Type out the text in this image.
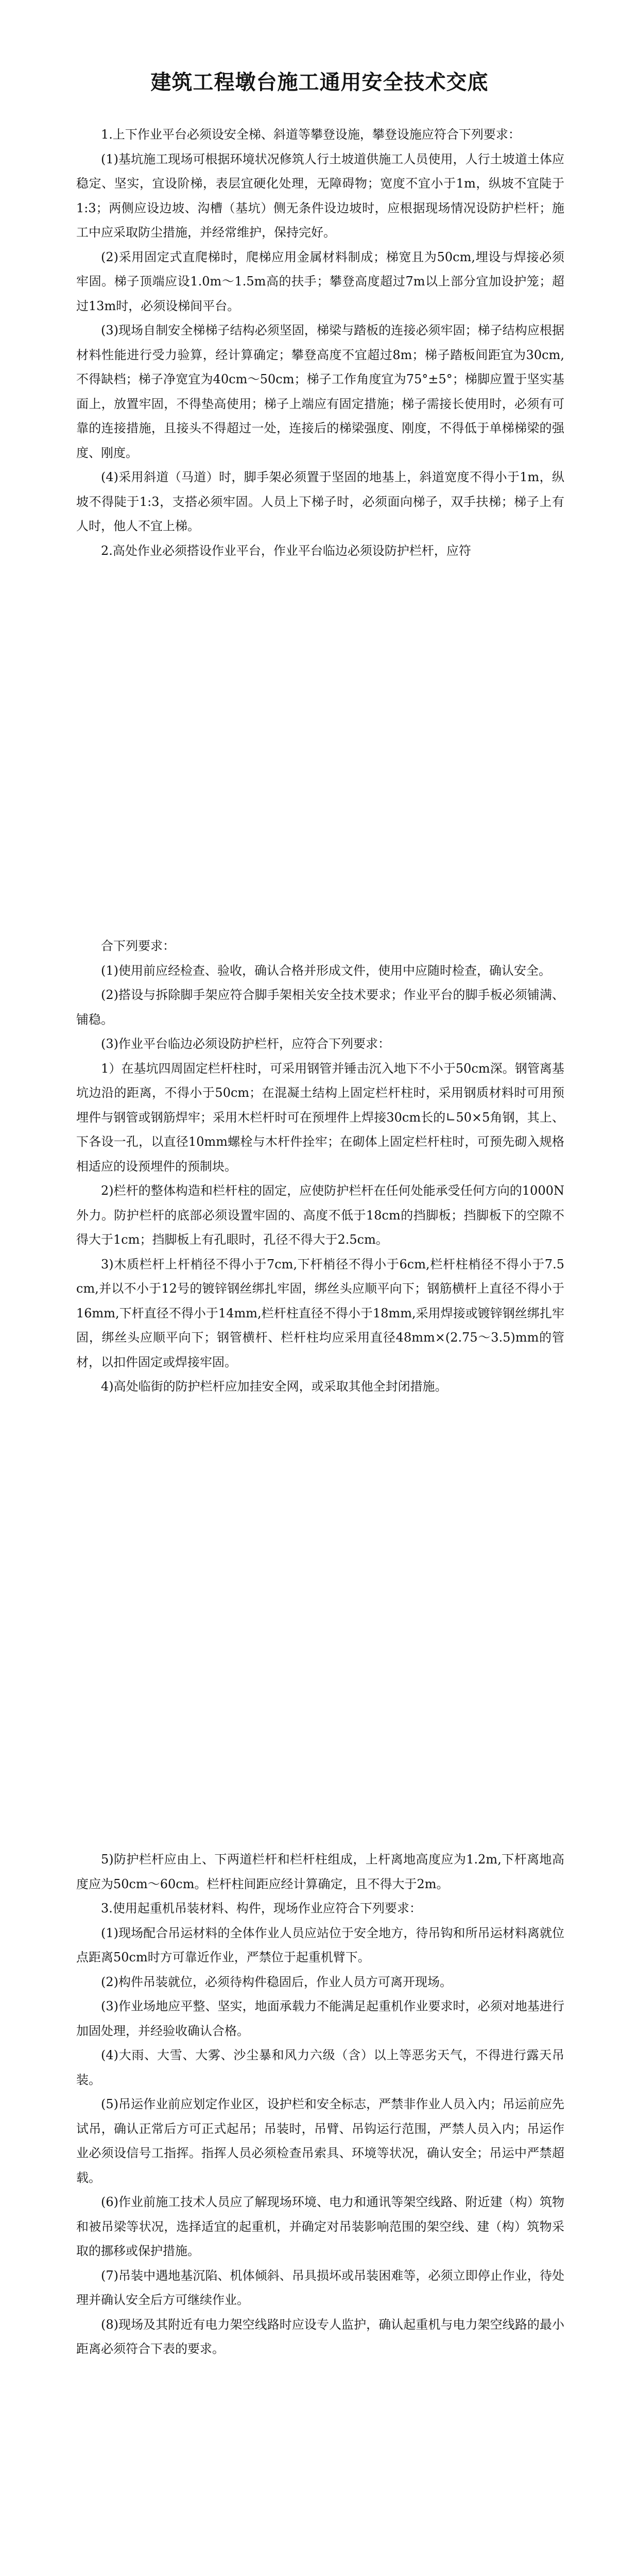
建筑工程墩台施工通用安全技术交底

1.上下作业平台必须设安全梯、斜道等攀登设施，攀登设施应符合下列要求：

(1)基坑施工现场可根据环境状况修筑人行土坡道供施工人员使用，人行土坡道土体应稳定、坚实，宜设阶梯，表层宜硬化处理，无障碍物；宽度不宜小于1m，纵坡不宜陡于1:3；两侧应设边坡、沟槽（基坑）侧无条件设边坡时，应根据现场情况设防护栏杆；施工中应采取防尘措施，并经常维护，保持完好。

(2)采用固定式直爬梯时，爬梯应用金属材料制成；梯宽且为50cm,埋设与焊接必须牢固。梯子顶端应设1.0m～1.5m高的扶手；攀登高度超过7m以上部分宜加设护笼；超过13m时，必须设梯间平台。

(3)现场自制安全梯梯子结构必须坚固，梯梁与踏板的连接必须牢固；梯子结构应根据材料性能进行受力验算，经计算确定；攀登高度不宜超过8m；梯子踏板间距宜为30cm,不得缺档；梯子净宽宜为40cm～50cm；梯子工作角度宜为75°±5°；梯脚应置于坚实基面上，放置牢固，不得垫高使用；梯子上端应有固定措施；梯子需接长使用时，必须有可靠的连接措施，且接头不得超过一处，连接后的梯梁强度、刚度，不得低于单梯梯梁的强度、刚度。

(4)采用斜道（马道）时，脚手架必须置于坚固的地基上，斜道宽度不得小于1m，纵坡不得陡于1:3，支搭必须牢固。人员上下梯子时，必须面向梯子，双手扶梯；梯子上有人时，他人不宜上梯。

2.高处作业必须搭设作业平台，作业平台临边必须设防护栏杆，应符

合下列要求：

(1)使用前应经检查、验收，确认合格并形成文件，使用中应随时检查，确认安全。

(2)搭设与拆除脚手架应符合脚手架相关安全技术要求；作业平台的脚手板必须铺满、铺稳。

(3)作业平台临边必须设防护栏杆，应符合下列要求：

1）在基坑四周固定栏杆柱时，可采用钢管并锤击沉入地下不小于50cm深。钢管离基坑边沿的距离，不得小于50cm；在混凝土结构上固定栏杆柱时，采用钢质材料时可用预埋件与钢管或钢筋焊牢；采用木栏杆时可在预埋件上焊接30cm长的∟50×5角钢，其上、下各设一孔，以直径10mm螺栓与木杆件拴牢；在砌体上固定栏杆柱时，可预先砌入规格相适应的设预埋件的预制块。

2)栏杆的整体构造和栏杆柱的固定，应使防护栏杆在任何处能承受任何方向的1000N外力。防护栏杆的底部必须设置牢固的、高度不低于18cm的挡脚板；挡脚板下的空隙不得大于1cm；挡脚板上有孔眼时，孔径不得大于2.5cm。

3)木质栏杆上杆梢径不得小于7cm,下杆梢径不得小于6cm,栏杆柱梢径不得小于7.5 cm,并以不小于12号的镀锌钢丝绑扎牢固，绑丝头应顺平向下；钢筋横杆上直径不得小于16mm,下杆直径不得小于14mm,栏杆柱直径不得小于18mm,采用焊接或镀锌钢丝绑扎牢固，绑丝头应顺平向下；钢管横杆、栏杆柱均应采用直径48mm×(2.75～3.5)mm的管材，以扣件固定或焊接牢固。

4)高处临街的防护栏杆应加挂安全网，或采取其他全封闭措施。

5)防护栏杆应由上、下两道栏杆和栏杆柱组成，上杆离地高度应为1.2m,下杆离地高度应为50cm～60cm。栏杆柱间距应经计算确定，且不得大于2m。

3.使用起重机吊装材料、构件，现场作业应符合下列要求：

(1)现场配合吊运材料的全体作业人员应站位于安全地方，待吊钩和所吊运材料离就位点距离50cm时方可靠近作业，严禁位于起重机臂下。

(2)构件吊装就位，必须待构件稳固后，作业人员方可离开现场。

(3)作业场地应平整、坚实，地面承载力不能满足起重机作业要求时，必须对地基进行加固处理，并经验收确认合格。

(4)大雨、大雪、大雾、沙尘暴和风力六级（含）以上等恶劣天气，不得进行露天吊装。

(5)吊运作业前应划定作业区，设护栏和安全标志，严禁非作业人员入内；吊运前应先试吊，确认正常后方可正式起吊；吊装时，吊臂、吊钩运行范围，严禁人员入内；吊运作业必须设信号工指挥。指挥人员必须检查吊索具、环境等状况，确认安全；吊运中严禁超载。

(6)作业前施工技术人员应了解现场环境、电力和通讯等架空线路、附近建（构）筑物和被吊梁等状况，选择适宜的起重机，并确定对吊装影响范围的架空线、建（构）筑物采取的挪移或保护措施。

(7)吊装中遇地基沉陷、机体倾斜、吊具损坏或吊装困难等，必须立即停止作业，待处理并确认安全后方可继续作业。

(8)现场及其附近有电力架空线路时应设专人监护，确认起重机与电力架空线路的最小距离必须符合下表的要求。
